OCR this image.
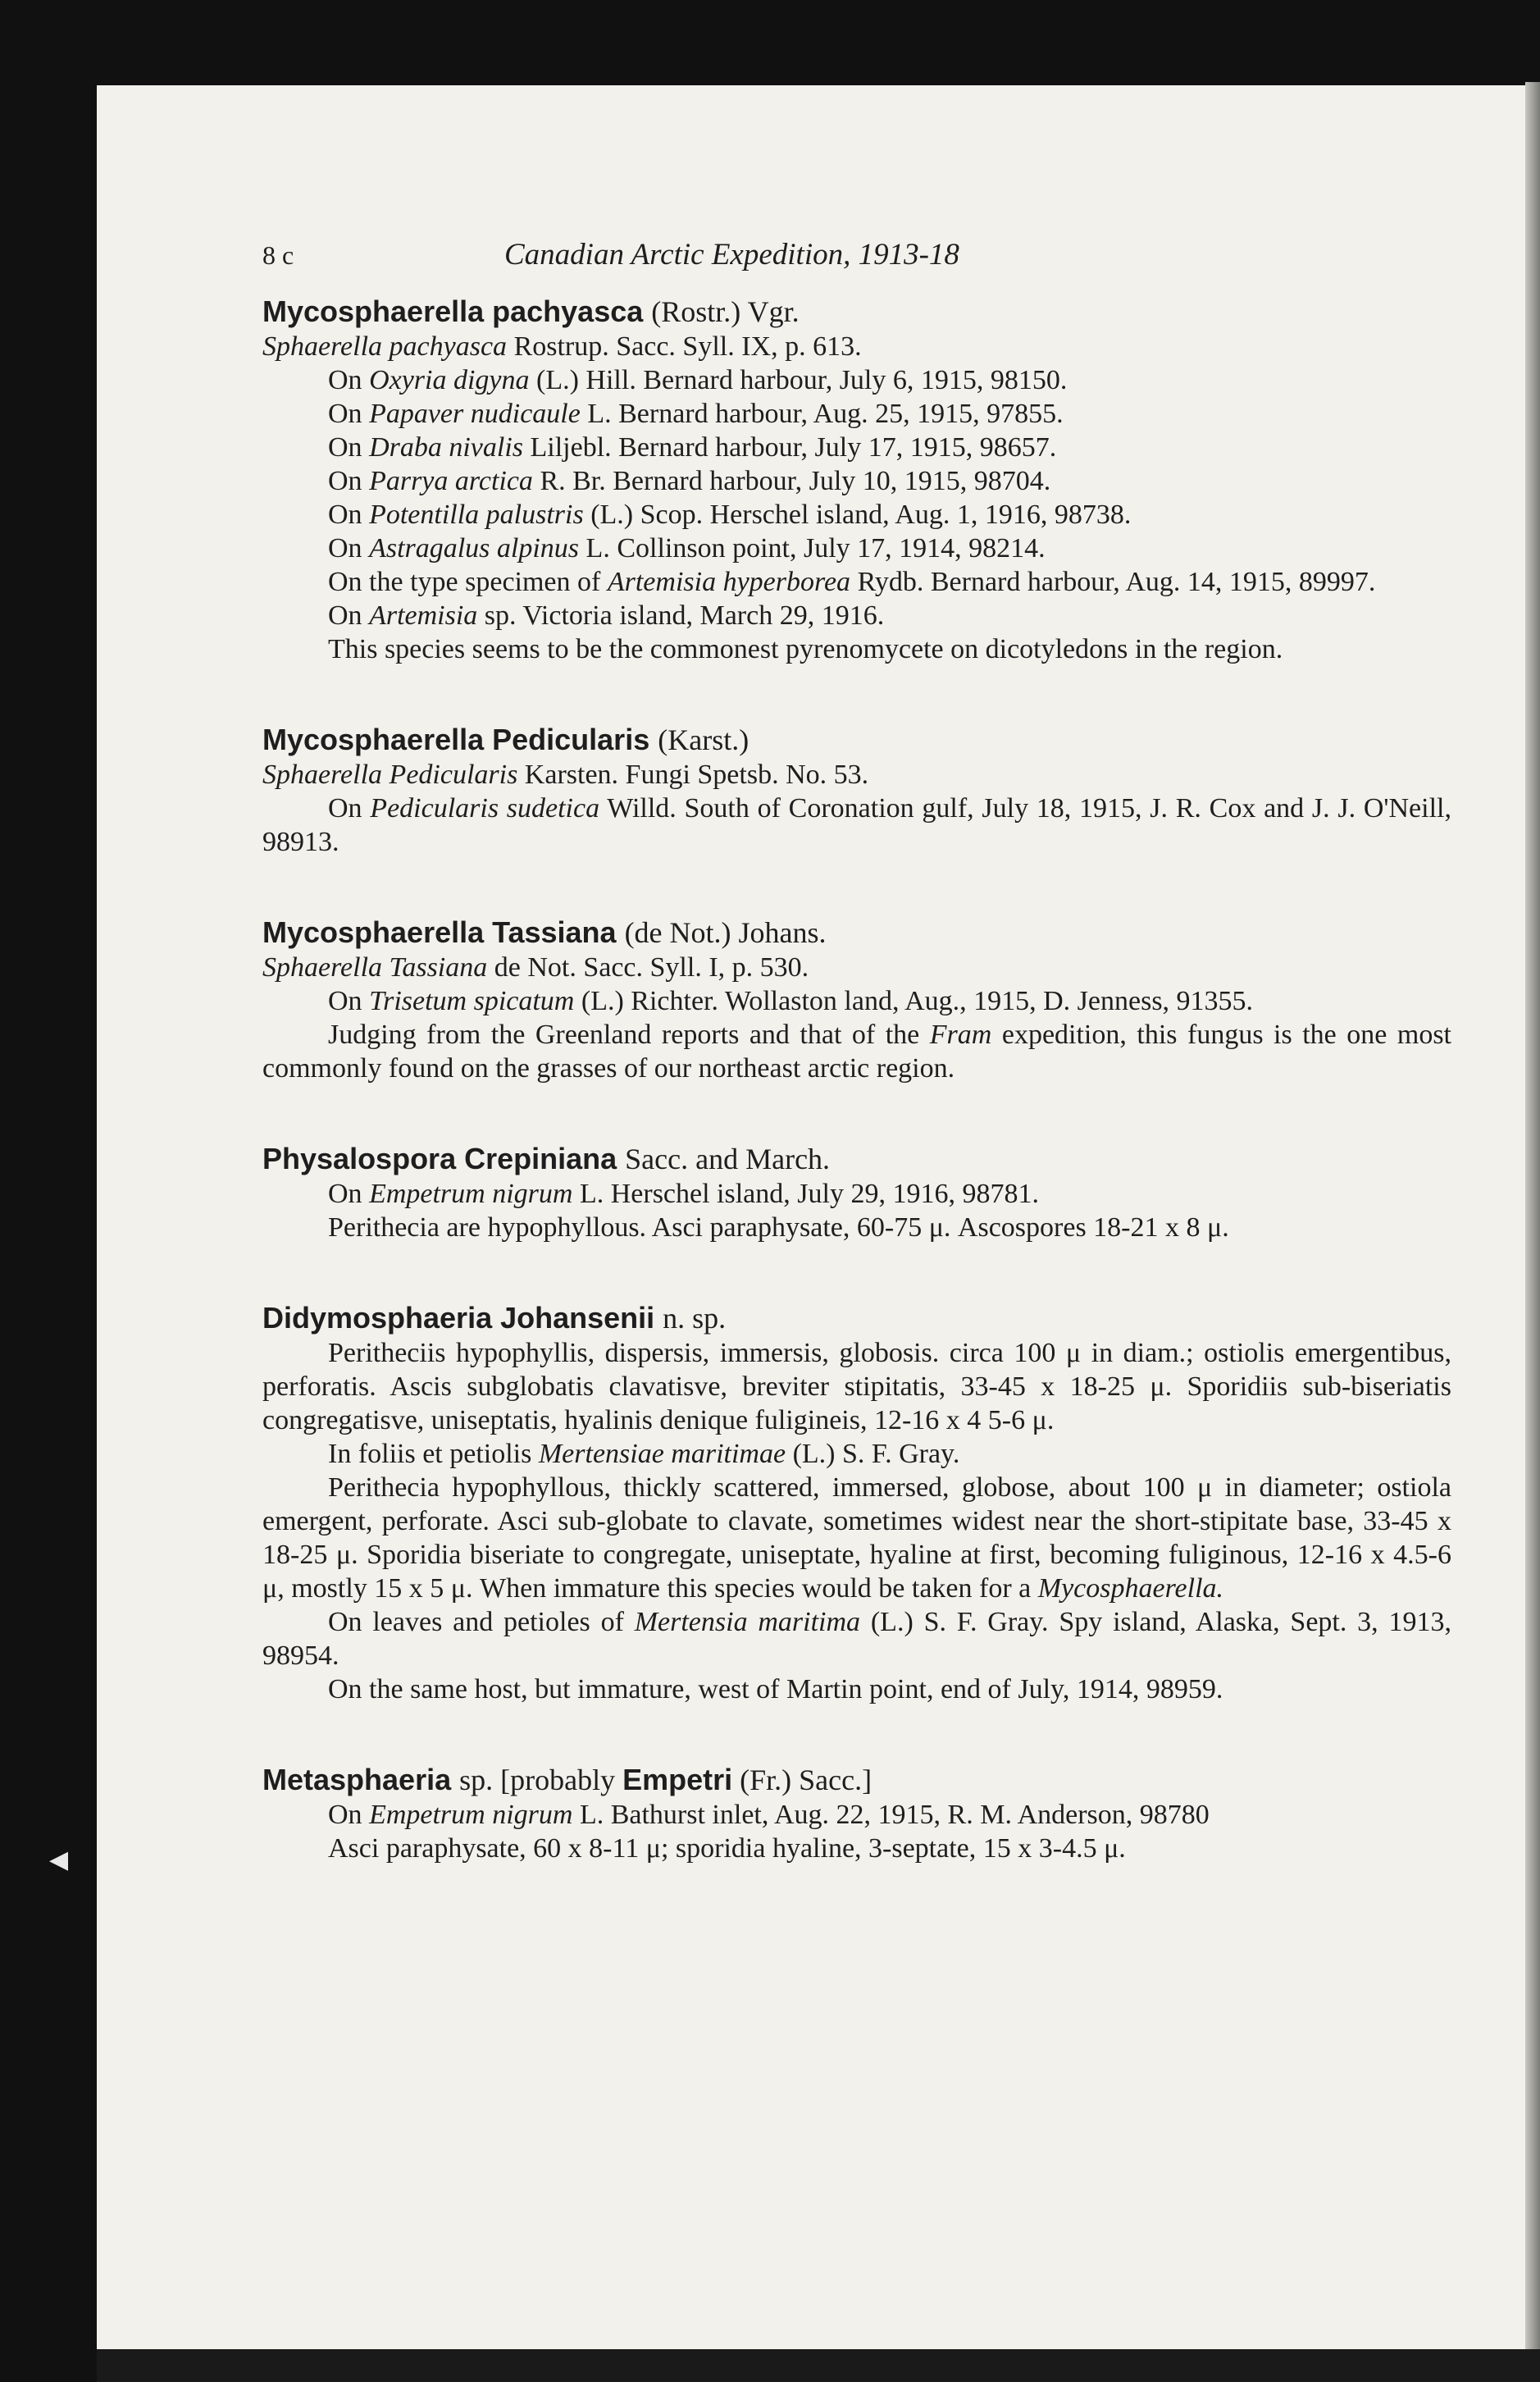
◀
8 c	Canadian Arctic Expedition, 1913-18
Mycosphaerella pachyasca (Rostr.) Vgr.

Sphaerella pachyasca Rostrup. Sacc. Syll. IX, p. 613.

On Oxyria digyna (L.) Hill. Bernard harbour, July 6, 1915, 98150.

On Papaver nudicaule L. Bernard harbour, Aug. 25, 1915, 97855.

On Draba nivalis Liljebl. Bernard harbour, July 17, 1915, 98657.

On Parrya arctica R. Br. Bernard harbour, July 10, 1915, 98704.

On Potentilla palustris (L.) Scop. Herschel island, Aug. 1, 1916, 98738.

On Astragalus alpinus L. Collinson point, July 17, 1914, 98214.

On the type specimen of Artemisia hyperborea Rydb. Bernard harbour, Aug. 14, 1915, 89997.

On Artemisia sp. Victoria island, March 29, 1916.

This species seems to be the commonest pyrenomycete on dicotyledons in the region.

Mycosphaerella Pedicularis (Karst.)

Sphaerella Pedicularis Karsten. Fungi Spetsb. No. 53.

On Pedicularis sudetica Willd. South of Coronation gulf, July 18, 1915, J. R. Cox and J. J. O'Neill, 98913.

Mycosphaerella Tassiana (de Not.) Johans.

Sphaerella Tassiana de Not. Sacc. Syll. I, p. 530.

On Trisetum spicatum (L.) Richter. Wollaston land, Aug., 1915, D. Jenness, 91355.

Judging from the Greenland reports and that of the Fram expedition, this fungus is the one most commonly found on the grasses of our northeast arctic region.

Physalospora Crepiniana Sacc. and March.

On Empetrum nigrum L. Herschel island, July 29, 1916, 98781.

Perithecia are hypophyllous. Asci paraphysate, 60-75 μ. Ascospores 18-21 x 8 μ.

Didymosphaeria Johansenii n. sp.

Peritheciis hypophyllis, dispersis, immersis, globosis. circa 100 μ in diam.; ostiolis emergentibus, perforatis. Ascis subglobatis clavatisve, breviter stipitatis, 33-45 x 18-25 μ. Sporidiis sub-biseriatis congregatisve, uniseptatis, hyalinis denique fuligineis, 12-16 x 4 5-6 μ.

In foliis et petiolis Mertensiae maritimae (L.) S. F. Gray.

Perithecia hypophyllous, thickly scattered, immersed, globose, about 100 μ in diameter; ostiola emergent, perforate. Asci sub-globate to clavate, sometimes widest near the short-stipitate base, 33-45 x 18-25 μ. Sporidia biseriate to congregate, uniseptate, hyaline at first, becoming fuliginous, 12-16 x 4.5-6 μ, mostly 15 x 5 μ. When immature this species would be taken for a Mycosphaerella.

On leaves and petioles of Mertensia maritima (L.) S. F. Gray. Spy island, Alaska, Sept. 3, 1913, 98954.

On the same host, but immature, west of Martin point, end of July, 1914, 98959.

Metasphaeria sp. [probably Empetri (Fr.) Sacc.]

On Empetrum nigrum L. Bathurst inlet, Aug. 22, 1915, R. M. Anderson, 98780

Asci paraphysate, 60 x 8-11 μ; sporidia hyaline, 3-septate, 15 x 3-4.5 μ.
